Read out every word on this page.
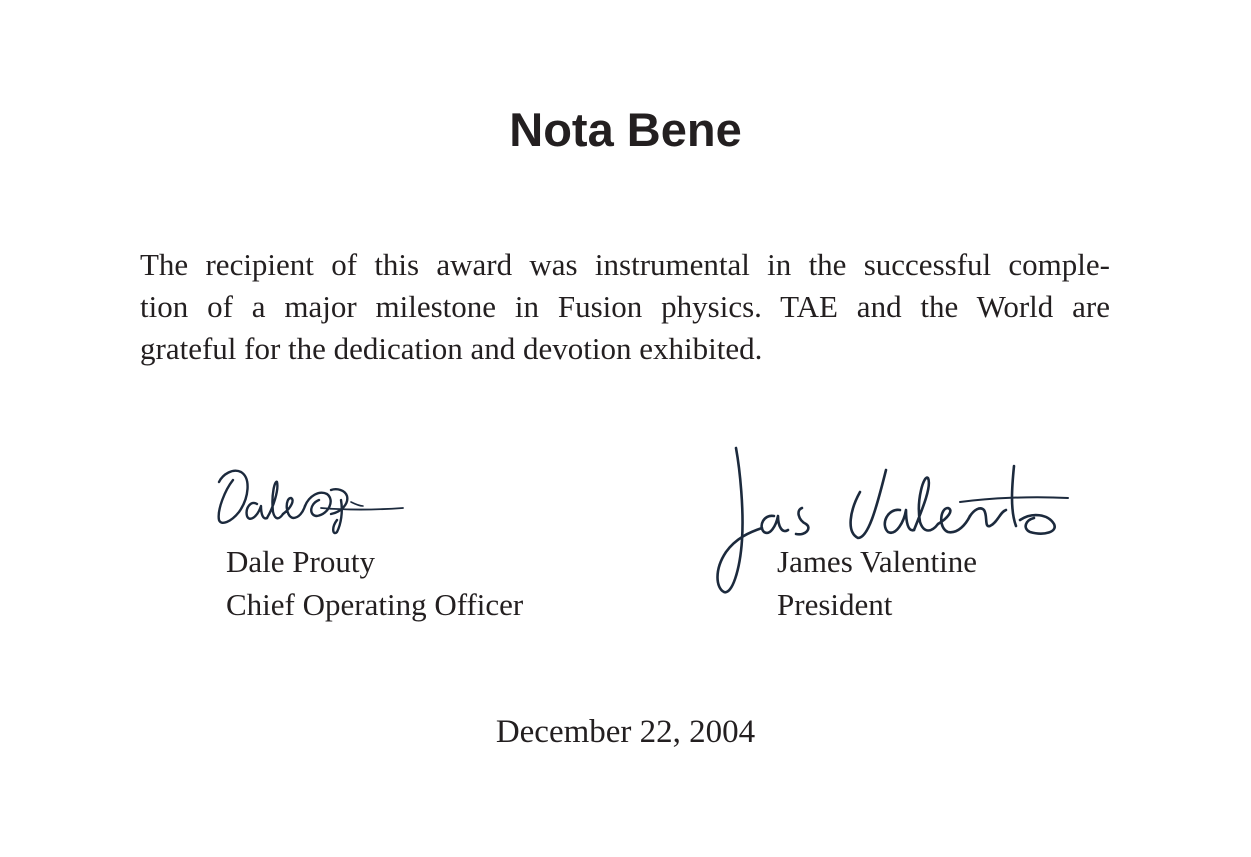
Nota Bene

The recipient of this award was instrumental in the successful comple-
tion of a major milestone in Fusion physics. TAE and the World are
grateful for the dedication and devotion exhibited.

Dale Prouty
Chief Operating Officer
James Valentine
President
December 22, 2004
